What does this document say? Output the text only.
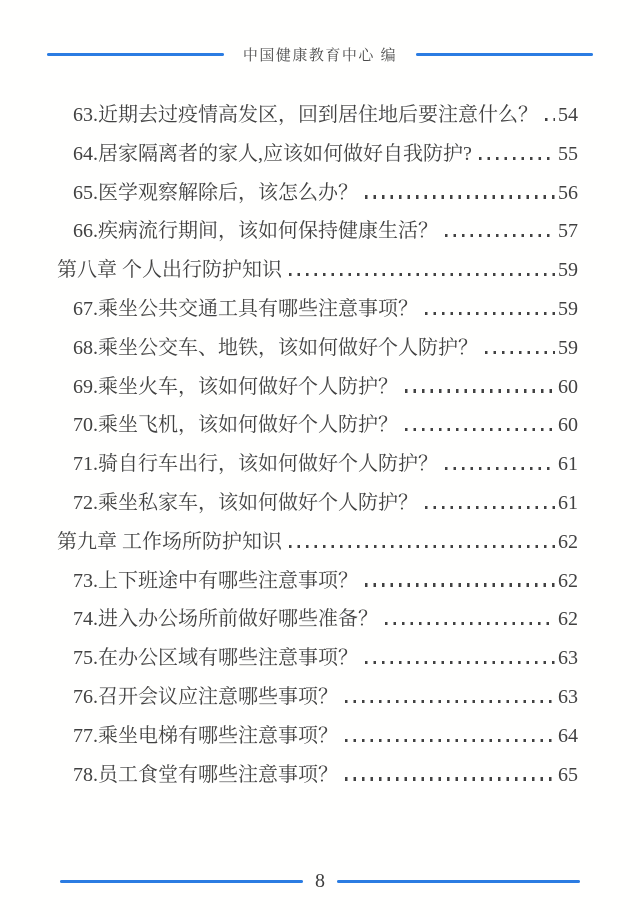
中国健康教育中心 编
63.近期去过疫情高发区，回到居住地后要注意什么？ 54
64.居家隔离者的家人,应该如何做好自我防护?	55
65.医学观察解除后，该怎么办？	56
66.疾病流行期间，该如何保持健康生活？	57
第八章 个人出行防护知识	59
67.乘坐公共交通工具有哪些注意事项？	59
68.乘坐公交车、地铁，该如何做好个人防护？	59
69.乘坐火车，该如何做好个人防护？	60
70.乘坐飞机，该如何做好个人防护？	60
71.骑自行车出行，该如何做好个人防护？	61
72.乘坐私家车，该如何做好个人防护？	61
第九章 工作场所防护知识	62
73.上下班途中有哪些注意事项？	62
74.进入办公场所前做好哪些准备？	62
75.在办公区域有哪些注意事项？	63
76.召开会议应注意哪些事项？	63
77.乘坐电梯有哪些注意事项？	64
78.员工食堂有哪些注意事项？	65
8
